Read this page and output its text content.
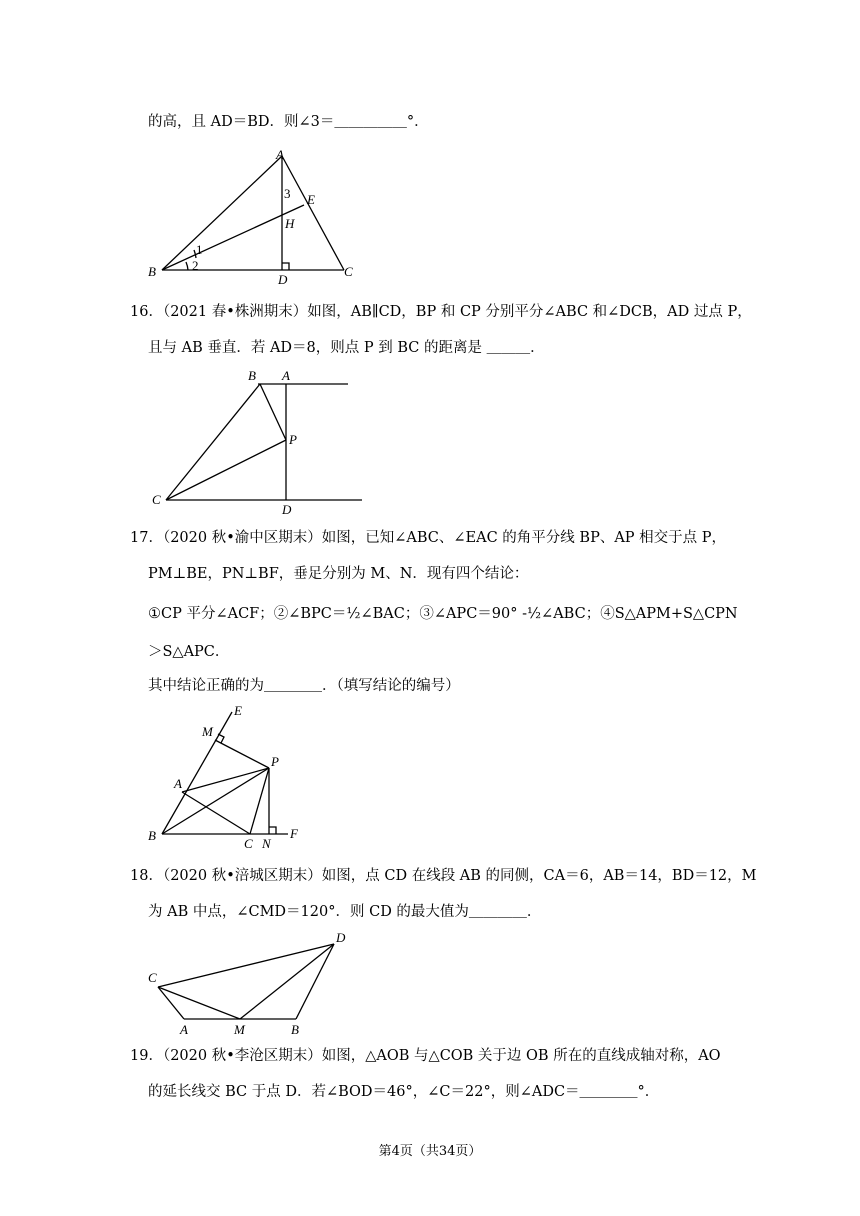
的高，且 AD＝BD．则∠3＝＿＿＿＿＿°．
A
B	C
D
E
H
1
2
3
16．（2021 春•株洲期末）如图，AB∥CD，BP 和 CP 分别平分∠ABC 和∠DCB，AD 过点 P，
且与 AB 垂直．若 AD＝8，则点 P 到 BC 的距离是 ＿＿＿．
B A
P
C
D
17．（2020 秋•渝中区期末）如图，已知∠ABC、∠EAC 的角平分线 BP、AP 相交于点 P，
PM⊥BE，PN⊥BF，垂足分别为 M、N．现有四个结论：
①CP 平分∠ACF；②∠BPC＝½∠BAC；③∠APC＝90° -½∠ABC；④S△APM+S△CPN
＞S△APC．
其中结论正确的为＿＿＿＿．（填写结论的编号）
E
M
P
A
B
C N
F
18．（2020 秋•涪城区期末）如图，点 CD 在线段 AB 的同侧，CA＝6，AB＝14，BD＝12，M
为 AB 中点，∠CMD＝120°．则 CD 的最大值为＿＿＿＿．
D
C
A	M	B
19．（2020 秋•李沧区期末）如图，△AOB 与△COB 关于边 OB 所在的直线成轴对称，AO
的延长线交 BC 于点 D．若∠BOD＝46°，∠C＝22°，则∠ADC＝＿＿＿＿°．
第4页（共34页）
